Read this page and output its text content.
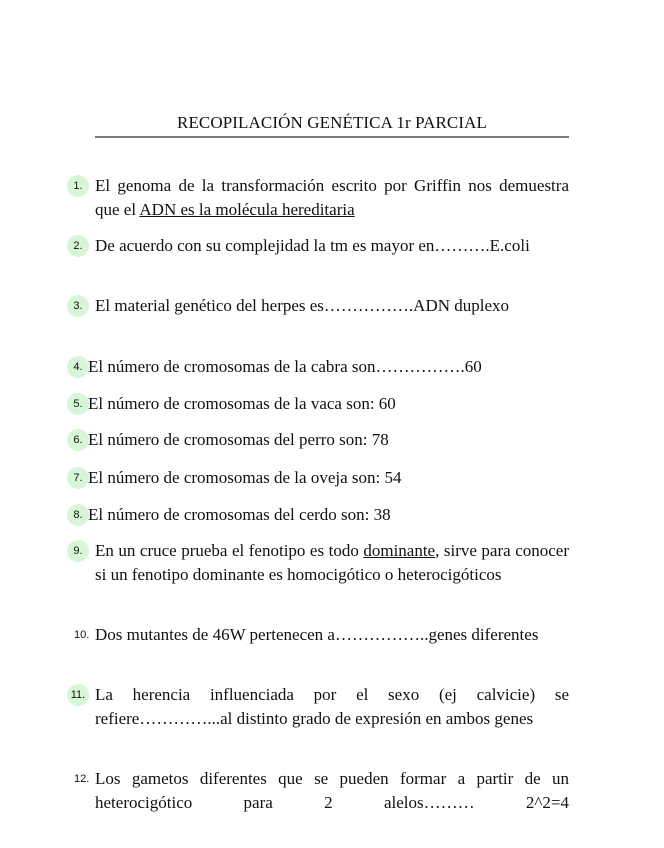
RECOPILACIÓN GENÉTICA 1r PARCIAL
1. El genoma de la transformación escrito por Griffin nos demuestra que el ADN es la molécula hereditaria
2. De acuerdo con su complejidad la tm es mayor en……….E.coli
3. El material genético del herpes es…………….ADN duplexo
4. El número de cromosomas de la cabra son…………….60
5. El número de cromosomas de la vaca son: 60
6. El número de cromosomas del perro son: 78
7. El número de cromosomas de la oveja son: 54
8. El número de cromosomas del cerdo son: 38
9. En un cruce prueba el fenotipo es todo dominante, sirve para conocer si un fenotipo dominante es homocigótico o heterocigóticos
10. Dos mutantes de 46W pertenecen a……………..genes diferentes
11. La herencia influenciada por el sexo (ej calvicie) se refiere…………...al distinto grado de expresión en ambos genes
12. Los gametos diferentes que se pueden formar a partir de un heterocigótico para 2 alelos……… 2^2=4
